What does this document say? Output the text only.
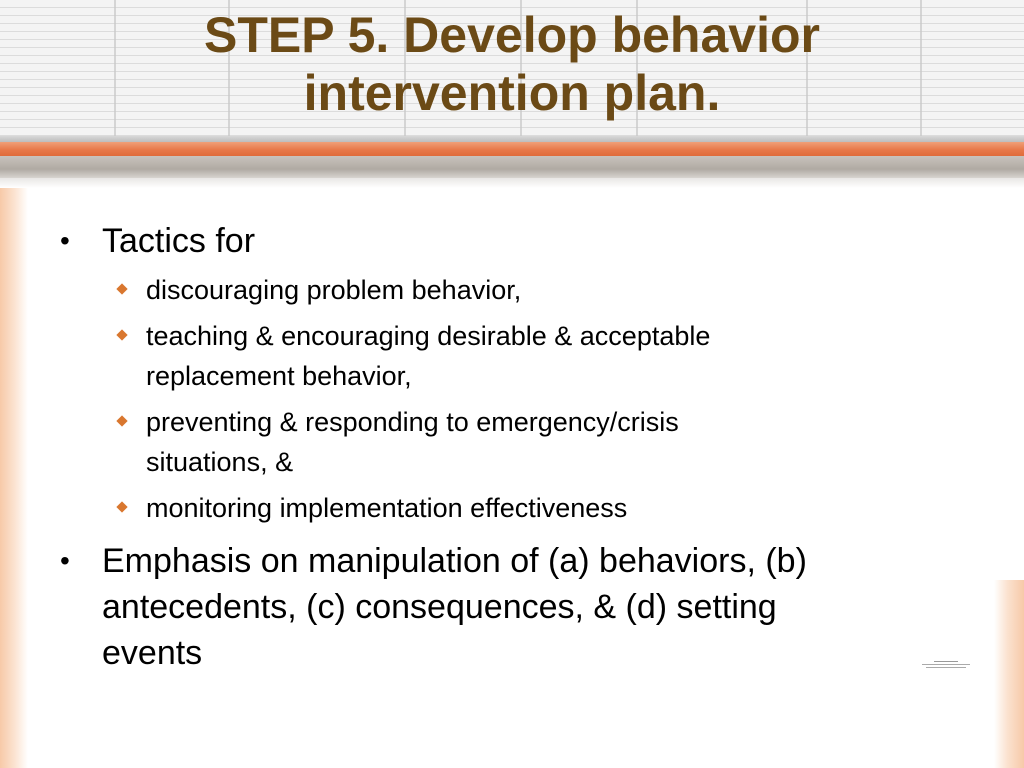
STEP 5. Develop behavior
intervention plan.
• Tactics for
discouraging problem behavior,
teaching & encouraging desirable & acceptable
replacement behavior,
preventing & responding to emergency/crisis
situations, &
monitoring implementation effectiveness
• Emphasis on manipulation of (a) behaviors, (b)
antecedents, (c) consequences, & (d) setting
events
